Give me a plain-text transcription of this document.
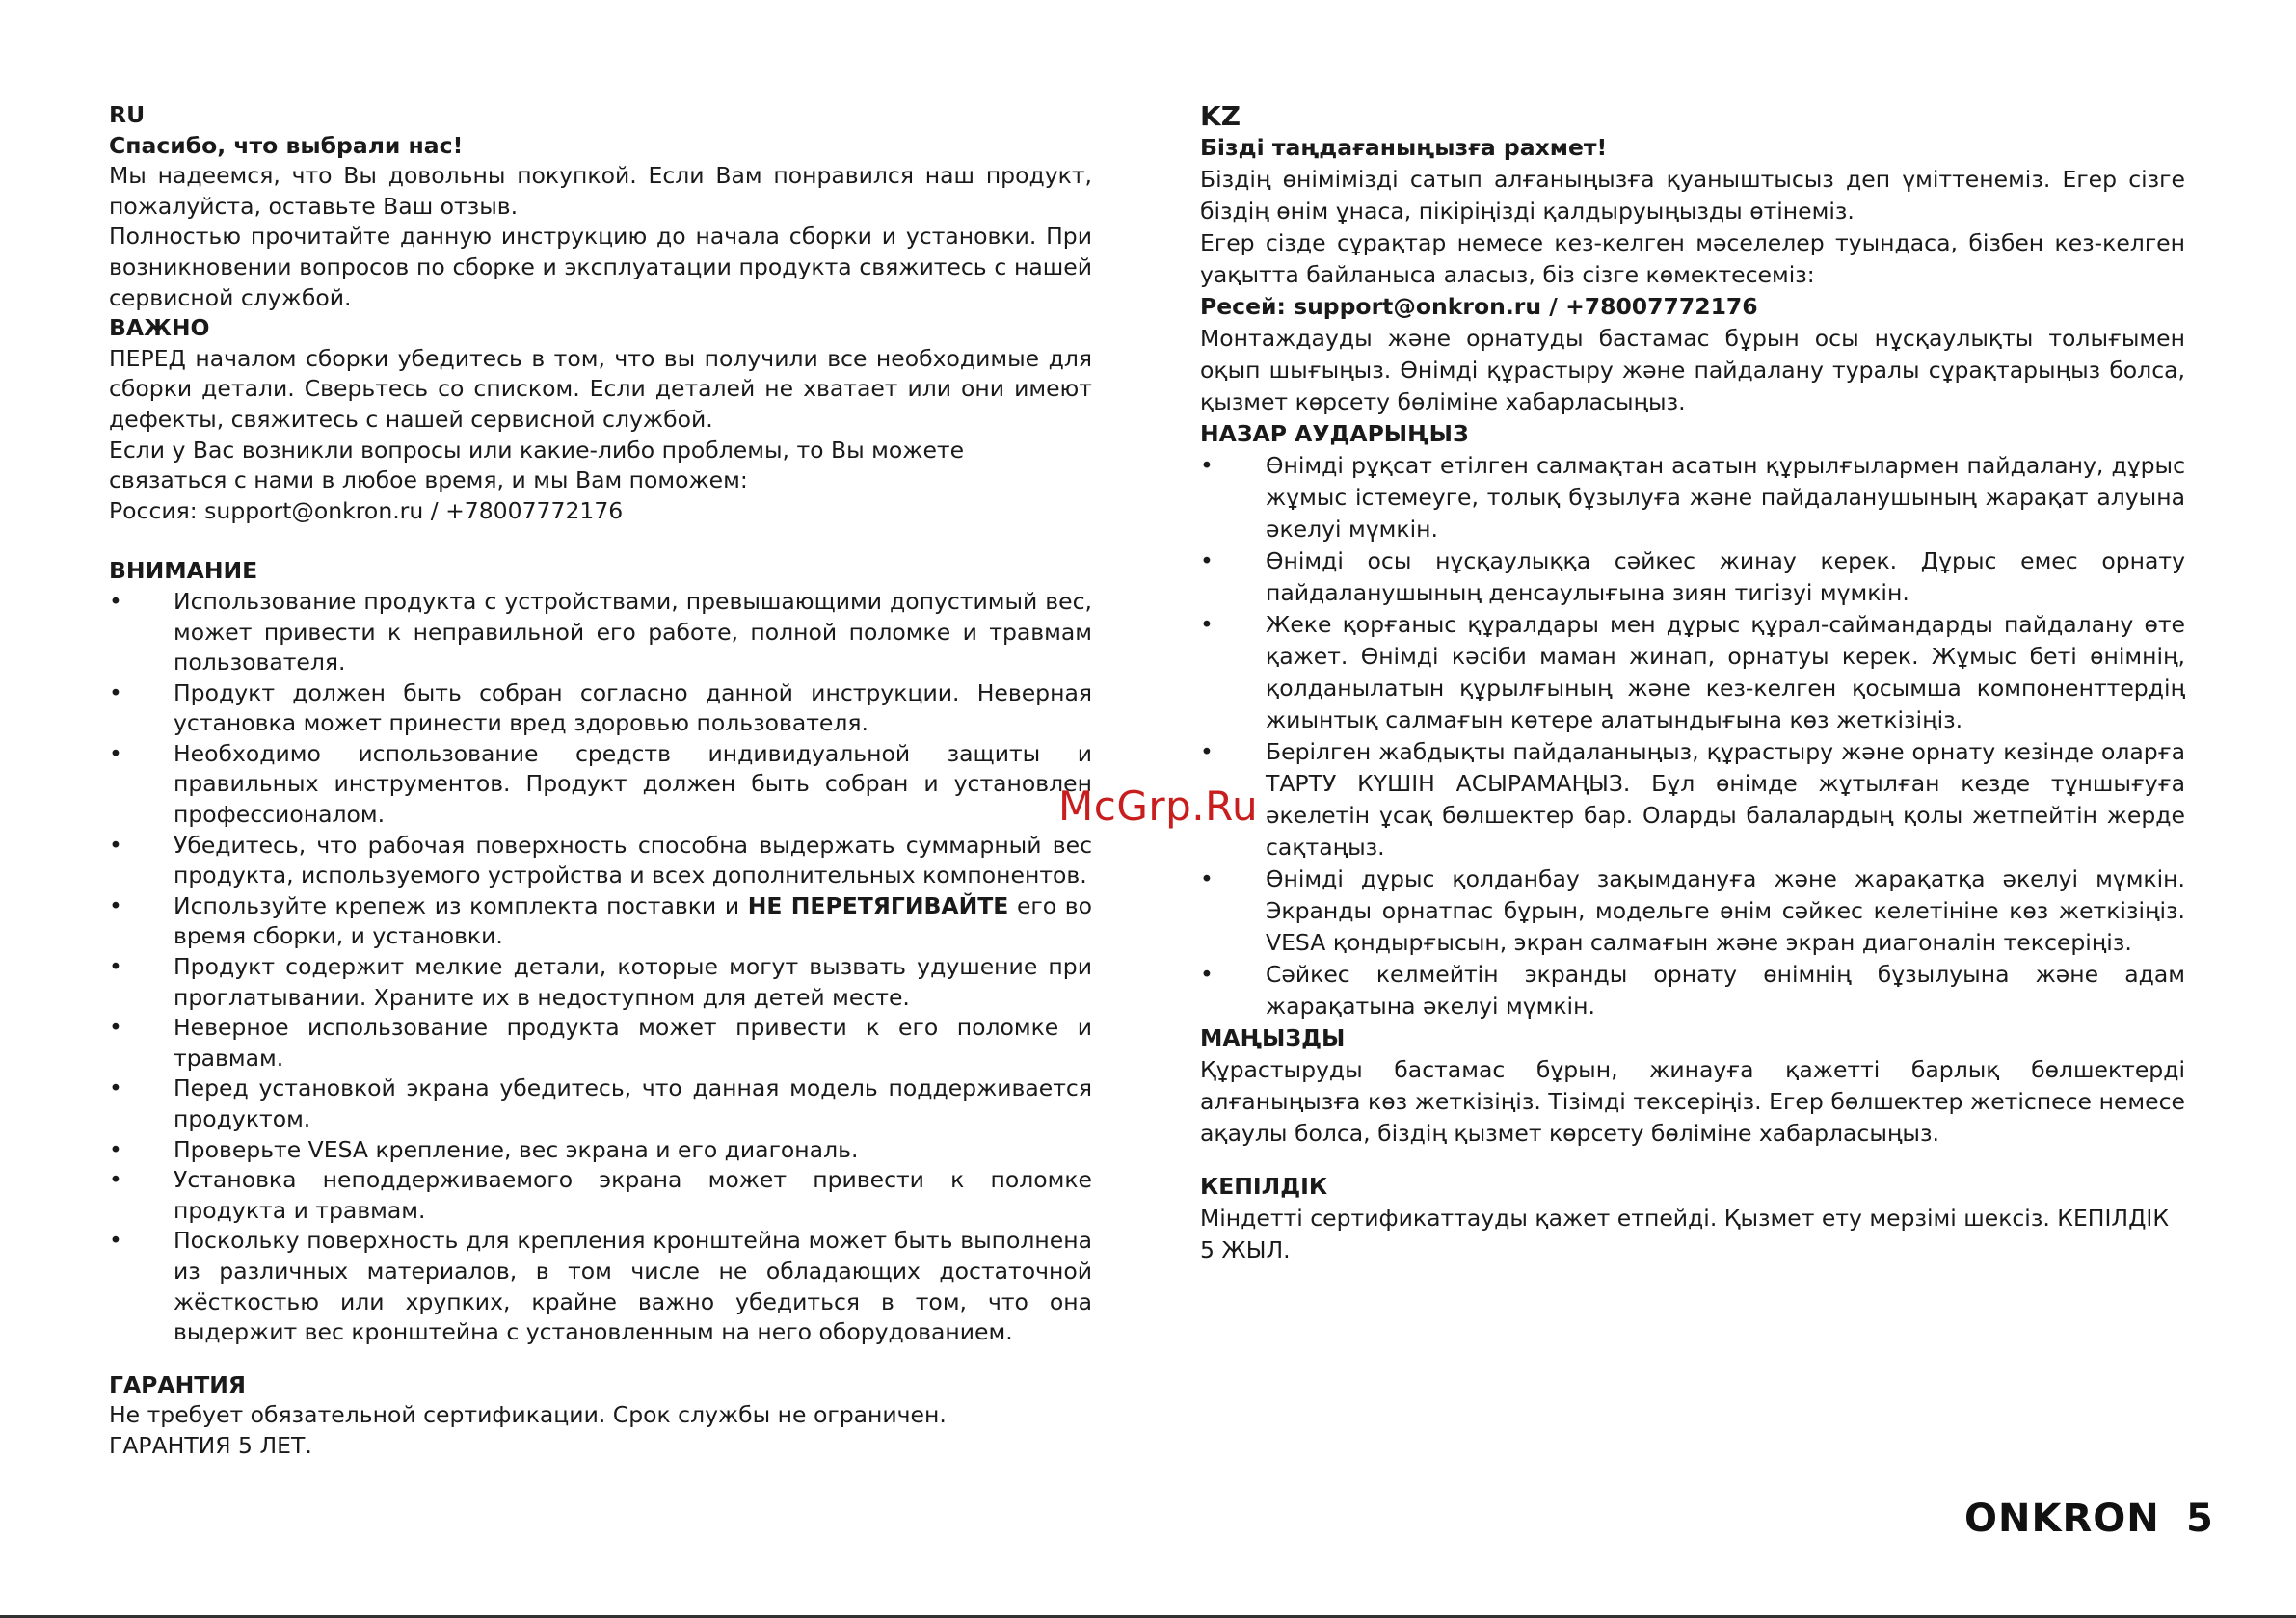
RU

Спасибо, что выбрали нас!

Мы надеемся, что Вы довольны покупкой. Если Вам понравился наш продукт, пожалуйста, оставьте Ваш отзыв.

Полностью прочитайте данную инструкцию до начала сборки и установки. При возникновении вопросов по сборке и эксплуатации продукта свяжитесь с нашей сервисной службой.

ВАЖНО

ПЕРЕД началом сборки убедитесь в том, что вы получили все необходимые для сборки детали. Сверьтесь со списком. Если деталей не хватает или они имеют дефекты, свяжитесь с нашей сервисной службой.

Если у Вас возникли вопросы или какие-либо проблемы, то Вы можете связаться с нами в любое время, и мы Вам поможем:

Россия: support@onkron.ru / +78007772176

ВНИМАНИЕ

• Использование продукта с устройствами, превышающими допустимый вес, может привести к неправильной его работе, полной поломке и травмам пользователя.
• Продукт должен быть собран согласно данной инструкции. Неверная установка может принести вред здоровью пользователя.
• Необходимо использование средств индивидуальной защиты и правильных инструментов. Продукт должен быть собран и установлен профессионалом.
• Убедитесь, что рабочая поверхность способна выдержать суммарный вес продукта, используемого устройства и всех дополнительных компонентов.
• Используйте крепеж из комплекта поставки и НЕ ПЕРЕТЯГИВАЙТЕ его во время сборки, и установки.
• Продукт содержит мелкие детали, которые могут вызвать удушение при проглатывании. Храните их в недоступном для детей месте.
• Неверное использование продукта может привести к его поломке и травмам.
• Перед установкой экрана убедитесь, что данная модель поддерживается продуктом.
• Проверьте VESA крепление, вес экрана и его диагональ.
• Установка неподдерживаемого экрана может привести к поломке продукта и травмам.
• Поскольку поверхность для крепления кронштейна может быть выполнена из различных материалов, в том числе не обладающих достаточной жёсткостью или хрупких, крайне важно убедиться в том, что она выдержит вес кронштейна с установленным на него оборудованием.

ГАРАНТИЯ

Не требует обязательной сертификации. Срок службы не ограничен.

ГАРАНТИЯ 5 ЛЕТ.

KZ

Бізді таңдағаныңызға рахмет!

Біздің өнімімізді сатып алғаныңызға қуаныштысыз деп үміттенеміз. Егер сізге біздің өнім ұнаса, пікіріңізді қалдыруыңызды өтінеміз.

Егер сізде сұрақтар немесе кез-келген мәселелер туындаса, бізбен кез-келген уақытта байланыса аласыз, біз сізге көмектесеміз:

Ресей: support@onkron.ru / +78007772176

Монтаждауды және орнатуды бастамас бұрын осы нұсқаулықты толығымен оқып шығыңыз. Өнімді құрастыру және пайдалану туралы сұрақтарыңыз болса, қызмет көрсету бөліміне хабарласыңыз.

НАЗАР АУДАРЫҢЫЗ

• Өнімді рұқсат етілген салмақтан асатын құрылғылармен пайдалану, дұрыс жұмыс істемеуге, толық бұзылуға және пайдаланушының жарақат алуына әкелуі мүмкін.
• Өнімді осы нұсқаулыққа сәйкес жинау керек. Дұрыс емес орнату пайдаланушының денсаулығына зиян тигізуі мүмкін.
• Жеке қорғаныс құралдары мен дұрыс құрал-саймандарды пайдалану өте қажет. Өнімді кәсіби маман жинап, орнатуы керек. Жұмыс беті өнімнің, қолданылатын құрылғының және кез-келген қосымша компоненттердің жиынтық салмағын көтере алатындығына көз жеткізіңіз.
• Берілген жабдықты пайдаланыңыз, құрастыру және орнату кезінде оларға ТАРТУ КҮШІН АСЫРАМАҢЫЗ. Бұл өнімде жұтылған кезде тұншығуға әкелетін ұсақ бөлшектер бар. Оларды балалардың қолы жетпейтін жерде сақтаңыз.
• Өнімді дұрыс қолданбау зақымдануға және жарақатқа әкелуі мүмкін. Экранды орнатпас бұрын, модельге өнім сәйкес келетініне көз жеткізіңіз. VESA қондырғысын, экран салмағын және экран диагоналін тексеріңіз.
• Сәйкес келмейтін экранды орнату өнімнің бұзылуына және адам жарақатына әкелуі мүмкін.

МАҢЫЗДЫ

Құрастыруды бастамас бұрын, жинауға қажетті барлық бөлшектерді алғаныңызға көз жеткізіңіз. Тізімді тексеріңіз. Егер бөлшектер жетіспесе немесе ақаулы болса, біздің қызмет көрсету бөліміне хабарласыңыз.

КЕПІЛДІК

Міндетті сертификаттауды қажет етпейді. Қызмет ету мерзімі шексіз. КЕПІЛДІК 5 ЖЫЛ.

McGrp.Ru
ONKRON 5
